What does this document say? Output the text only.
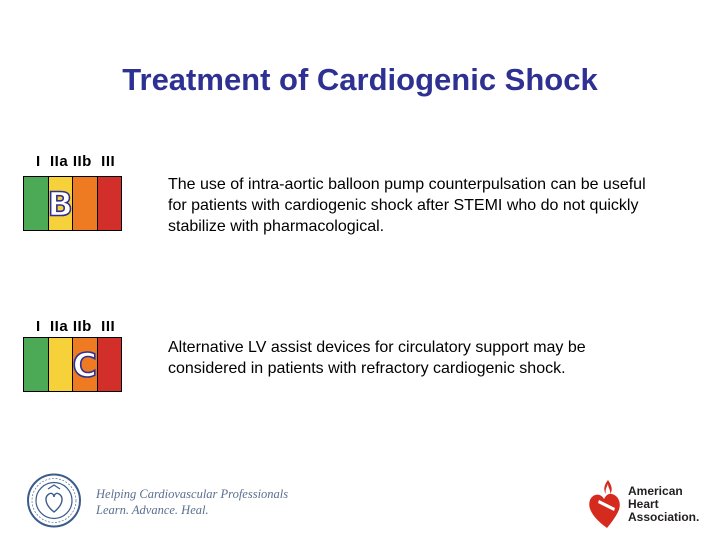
Treatment of Cardiogenic Shock
I  IIa IIb  III
B	The use of intra-aortic balloon pump counterpulsation can be useful for patients with cardiogenic shock after STEMI who do not quickly stabilize with pharmacological.
I  IIa IIb  III
C	Alternative LV assist devices for circulatory support may be considered in patients with refractory cardiogenic shock.
Helping Cardiovascular Professionals
Learn. Advance. Heal.
American
Heart
Association.
